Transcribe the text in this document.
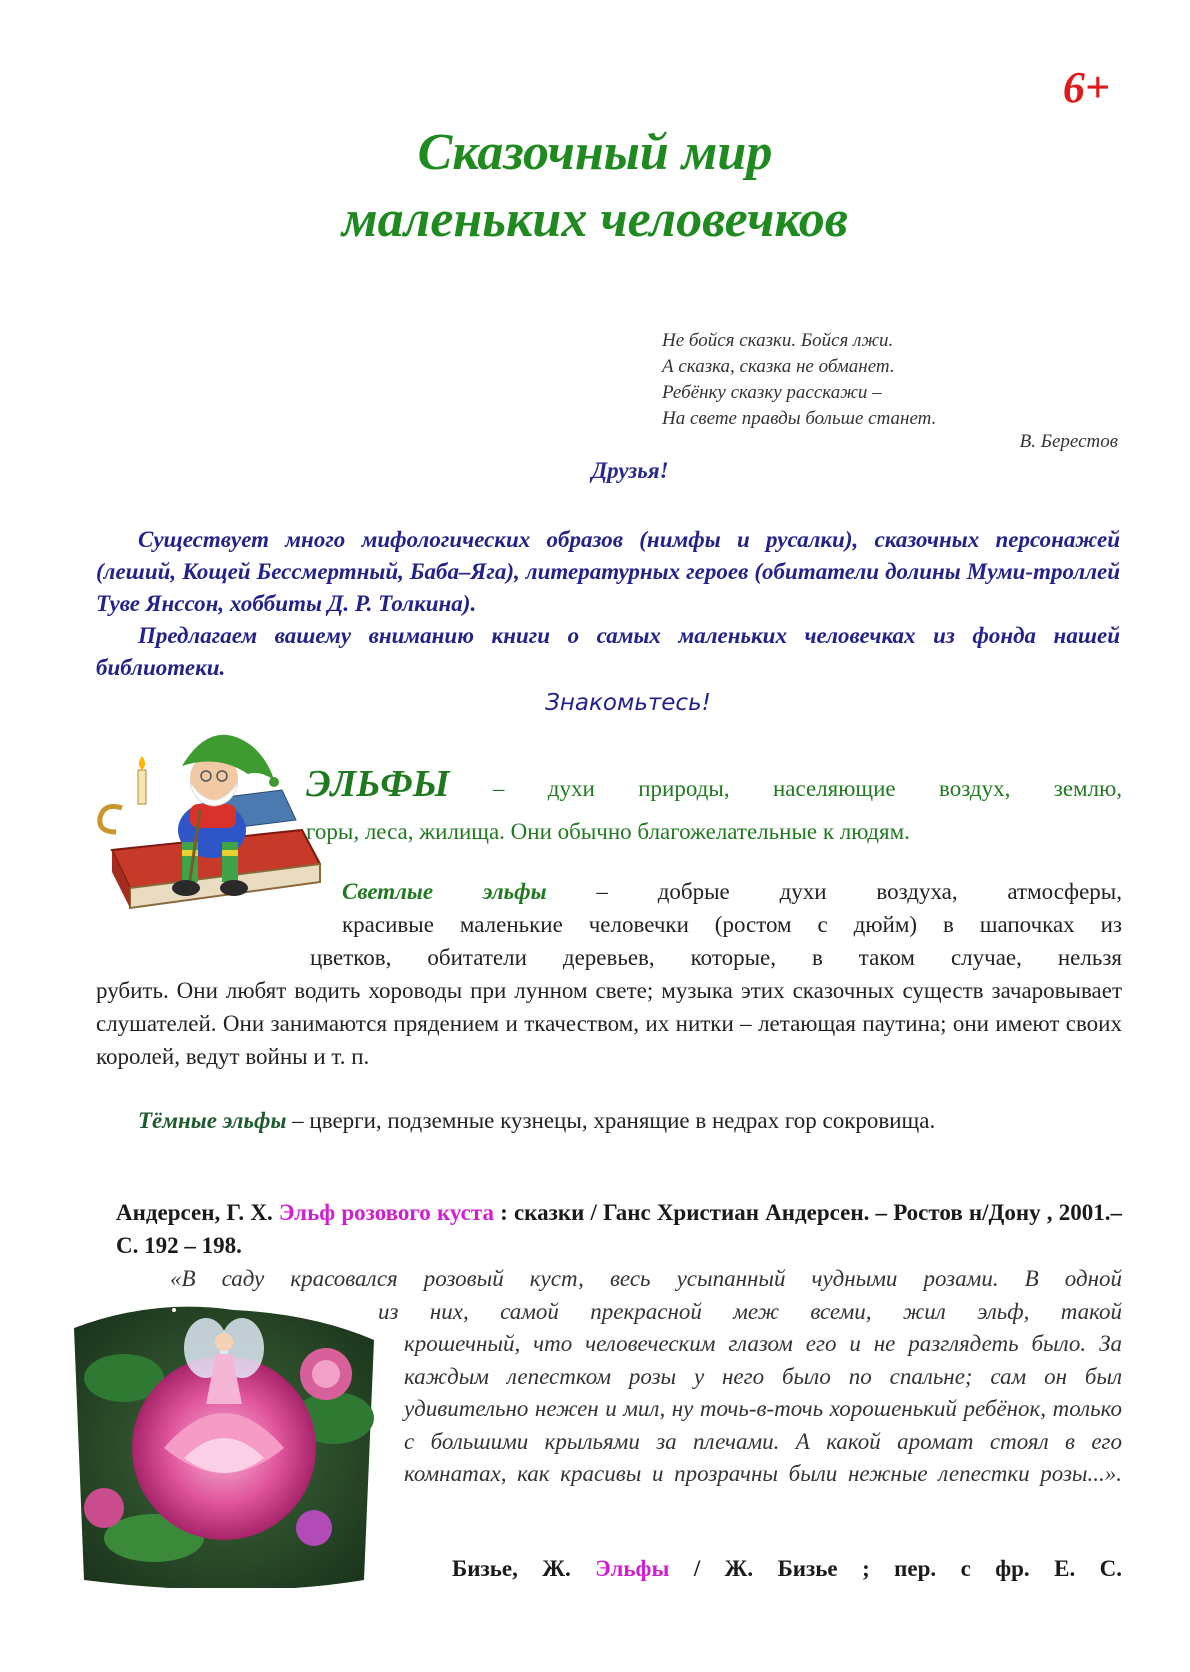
6+
Сказочный мир
маленьких человечков
Не бойся сказки. Бойся лжи.
А сказка, сказка не обманет.
Ребёнку сказку расскажи –
На свете правды больше станет.
В. Берестов
Друзья!

Существует много мифологических образов (нимфы и русалки), сказочных персонажей (леший, Кощей Бессмертный, Баба–Яга), литературных героев (обитатели долины Муми-троллей Туве Янссон, хоббиты Д. Р. Толкина).

Предлагаем вашему вниманию книги о самых маленьких человечках из фонда нашей библиотеки.

Знакомьтесь!
ЭЛЬФЫ – духи природы, населяющие воздух, землю,
горы, леса, жилища. Они обычно благожелательные к людям.
Светлые эльфы – добрые духи воздуха, атмосферы,
красивые маленькие человечки (ростом с дюйм) в шапочках из
цветков, обитатели деревьев, которые, в таком случае, нельзя
рубить. Они любят водить хороводы при лунном свете; музыка этих сказочных существ зачаровывает слушателей. Они занимаются прядением и ткачеством, их нитки – летающая паутина; они имеют своих королей, ведут войны и т. п.
Тёмные эльфы – цверги, подземные кузнецы, хранящие в недрах гор сокровища.
Андерсен, Г. Х. Эльф розового куста : сказки / Ганс Христиан Андерсен. – Ростов н/Дону , 2001.– С. 192 – 198.
«В саду красовался розовый куст, весь усыпанный чудными розами. В одной
из них, самой прекрасной меж всеми, жил эльф, такой
крошечный, что человеческим глазом его и не разглядеть было. За каждым лепестком розы у него было по спальне; сам он был удивительно нежен и мил, ну точь-в-точь хорошенький ребёнок, только с большими крыльями за плечами. А какой аромат стоял в его комнатах, как красивы и прозрачны были нежные лепестки розы...».
Бизье, Ж. Эльфы / Ж. Бизье ; пер. с фр. Е. С.
